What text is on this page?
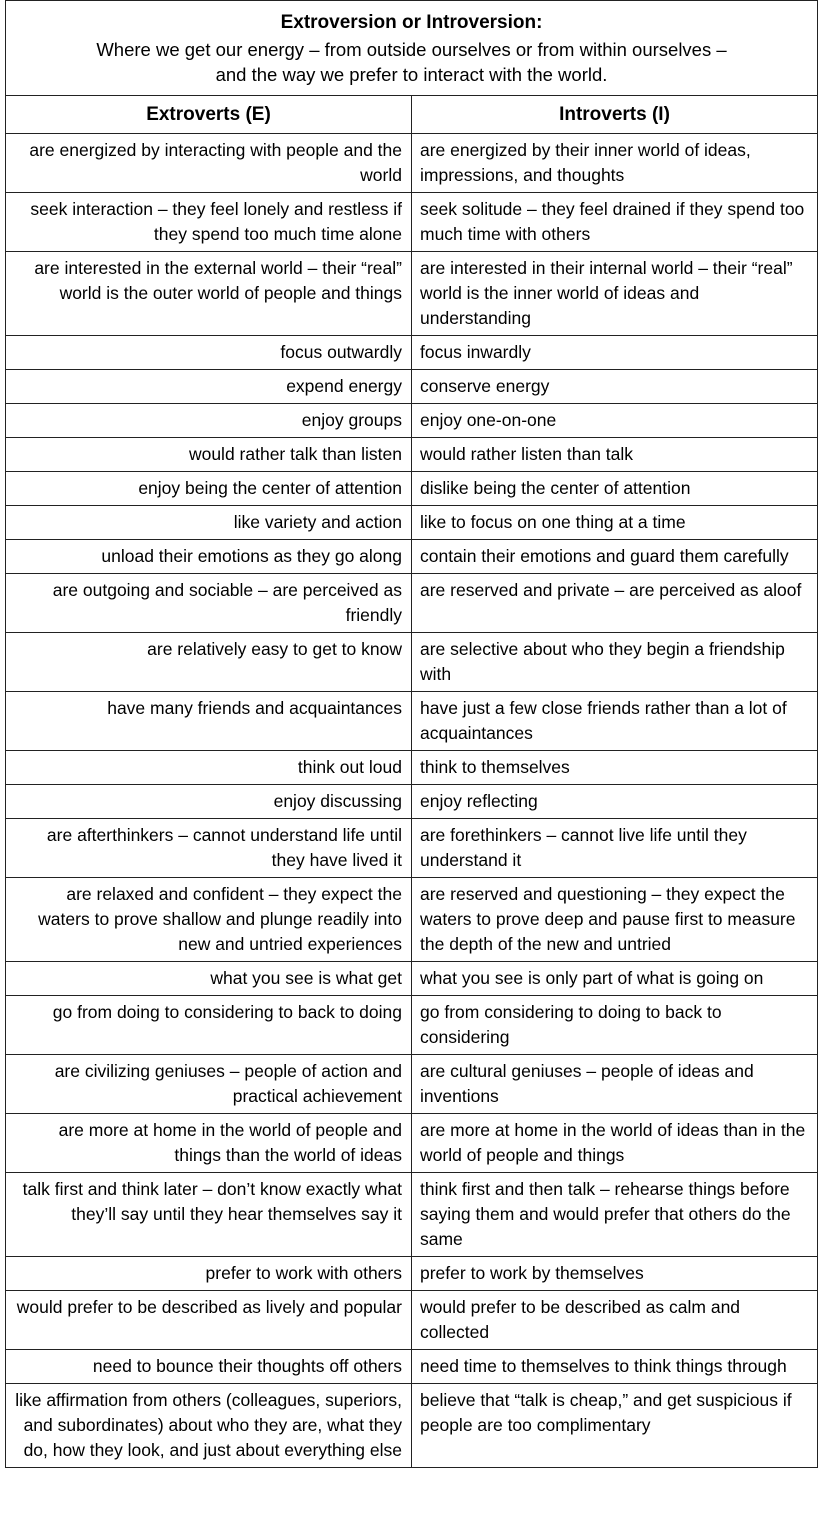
Extroversion or Introversion:
Where we get our energy – from outside ourselves or from within ourselves –
and the way we prefer to interact with the world.	

Extroverts (E)	Introverts (I)
are energized by interacting with people and the world	are energized by their inner world of ideas, impressions, and thoughts
seek interaction – they feel lonely and restless if they spend too much time alone	seek solitude – they feel drained if they spend too much time with others
are interested in the external world – their “real” world is the outer world of people and things	are interested in their internal world – their “real” world is the inner world of ideas and understanding
focus outwardly	focus inwardly
expend energy	conserve energy
enjoy groups	enjoy one-on-one
would rather talk than listen	would rather listen than talk
enjoy being the center of attention	dislike being the center of attention
like variety and action	like to focus on one thing at a time
unload their emotions as they go along	contain their emotions and guard them carefully
are outgoing and sociable – are perceived as friendly	are reserved and private – are perceived as aloof
are relatively easy to get to know	are selective about who they begin a friendship with
have many friends and acquaintances	have just a few close friends rather than a lot of acquaintances
think out loud	think to themselves
enjoy discussing	enjoy reflecting
are afterthinkers – cannot understand life until they have lived it	are forethinkers – cannot live life until they understand it
are relaxed and confident – they expect the waters to prove shallow and plunge readily into new and untried experiences	are reserved and questioning – they expect the waters to prove deep and pause first to measure the depth of the new and untried
what you see is what get	what you see is only part of what is going on
go from doing to considering to back to doing	go from considering to doing to back to considering
are civilizing geniuses – people of action and practical achievement	are cultural geniuses – people of ideas and inventions
are more at home in the world of people and things than the world of ideas	are more at home in the world of ideas than in the world of people and things
talk first and think later – don’t know exactly what they’ll say until they hear themselves say it	think first and then talk – rehearse things before saying them and would prefer that others do the same
prefer to work with others	prefer to work by themselves
would prefer to be described as lively and popular	would prefer to be described as calm and collected
need to bounce their thoughts off others	need time to themselves to think things through
like affirmation from others (colleagues, superiors, and subordinates) about who they are, what they do, how they look, and just about everything else	believe that “talk is cheap,” and get suspicious if people are too complimentary
